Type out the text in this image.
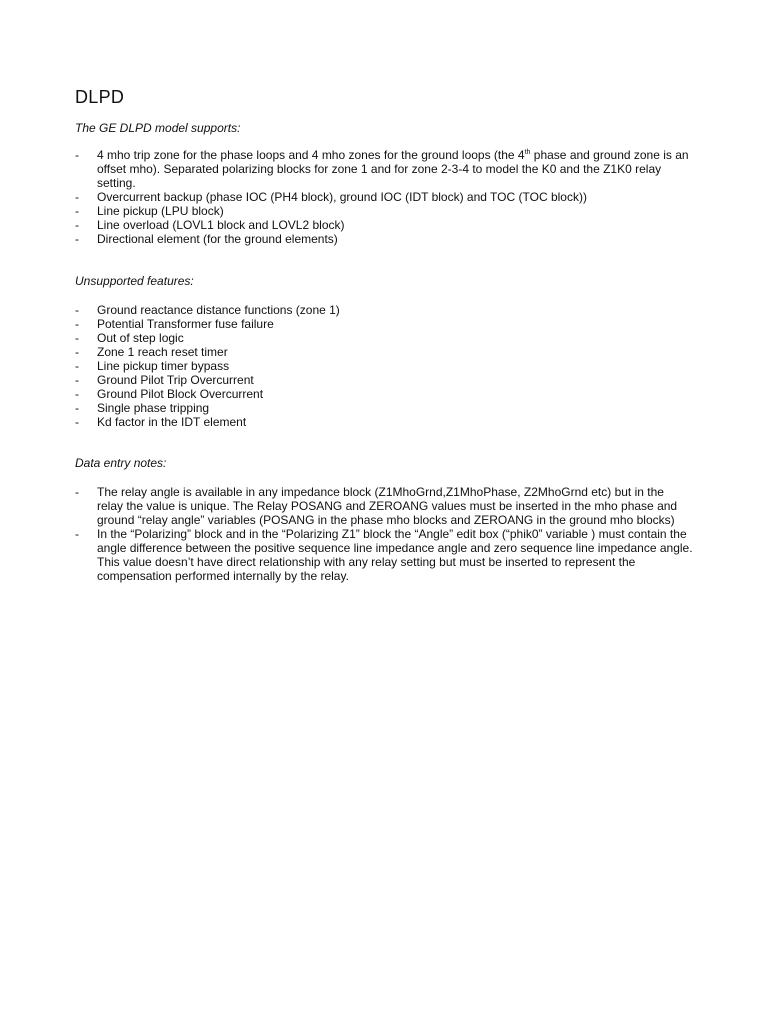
DLPD
The GE DLPD model supports:
- 4 mho trip zone for the phase loops and 4 mho zones for the ground loops (the 4th phase and ground zone is an offset mho). Separated polarizing blocks for zone 1 and for zone 2-3-4 to model the K0 and the Z1K0 relay setting.
- Overcurrent backup (phase IOC (PH4 block), ground IOC (IDT block) and TOC (TOC block))
- Line pickup (LPU block)
- Line overload (LOVL1 block and LOVL2 block)
- Directional element (for the ground elements)
Unsupported features:
- Ground reactance distance functions (zone 1)
- Potential Transformer fuse failure
- Out of step logic
- Zone 1 reach reset timer
- Line pickup timer bypass
- Ground Pilot Trip Overcurrent
- Ground Pilot Block Overcurrent
- Single phase tripping
- Kd factor in the IDT element
Data entry notes:
- The relay angle is available in any impedance block (Z1MhoGrnd,Z1MhoPhase, Z2MhoGrnd etc) but in the relay the value is unique. The Relay POSANG and ZEROANG values must be inserted in the mho phase and ground “relay angle” variables (POSANG in the phase mho blocks and ZEROANG in the ground mho blocks)
- In the “Polarizing” block and in the “Polarizing Z1” block the “Angle” edit box (“phik0” variable ) must contain the angle difference between the positive sequence line impedance angle and zero sequence line impedance angle. This value doesn’t have direct relationship with any relay setting but must be inserted to represent the compensation performed internally by the relay.
